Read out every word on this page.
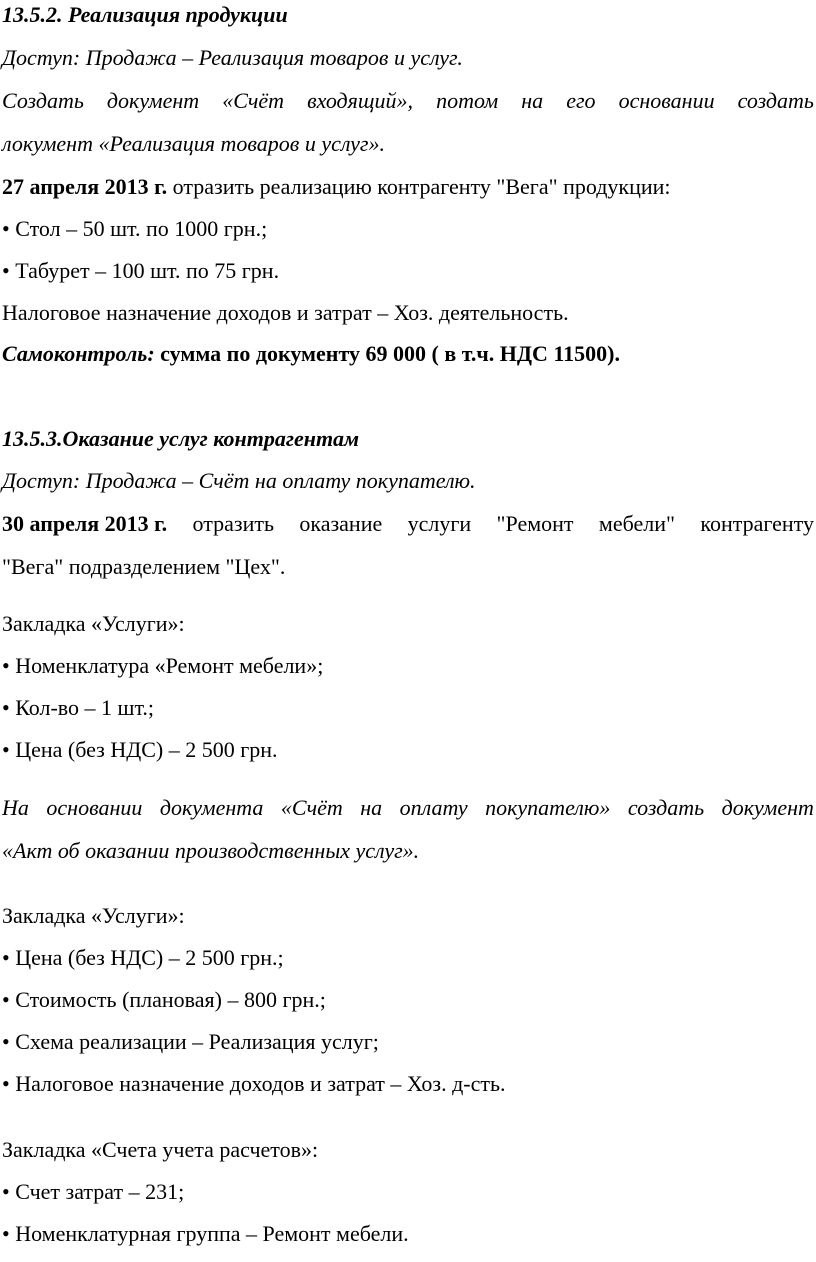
13.5.2. Реализация продукции
Доступ: Продажа – Реализация товаров и услуг.
Создать документ «Счёт входящий», потом на его основании создать
локумент «Реализация товаров и услуг».
27 апреля 2013 г. отразить реализацию контрагенту "Вега" продукции:
• Стол – 50 шт. по 1000 грн.;
• Табурет – 100 шт. по 75 грн.
Налоговое назначение доходов и затрат – Хоз. деятельность.
Самоконтроль: сумма по документу 69 000 ( в т.ч. НДС 11500).
13.5.3.Оказание услуг контрагентам
Доступ: Продажа – Счёт на оплату покупателю.
30 апреля 2013 г. отразить оказание услуги "Ремонт мебели" контрагенту
"Вега" подразделением "Цех".
Закладка «Услуги»:
• Номенклатура «Ремонт мебели»;
• Кол-во – 1 шт.;
• Цена (без НДС) – 2 500 грн.
На основании документа «Счёт на оплату покупателю» создать документ
«Акт об оказании производственных услуг».
Закладка «Услуги»:
• Цена (без НДС) – 2 500 грн.;
• Стоимость (плановая) – 800 грн.;
• Схема реализации – Реализация услуг;
• Налоговое назначение доходов и затрат – Хоз. д-сть.
Закладка «Счета учета расчетов»:
• Счет затрат – 231;
• Номенклатурная группа – Ремонт мебели.
